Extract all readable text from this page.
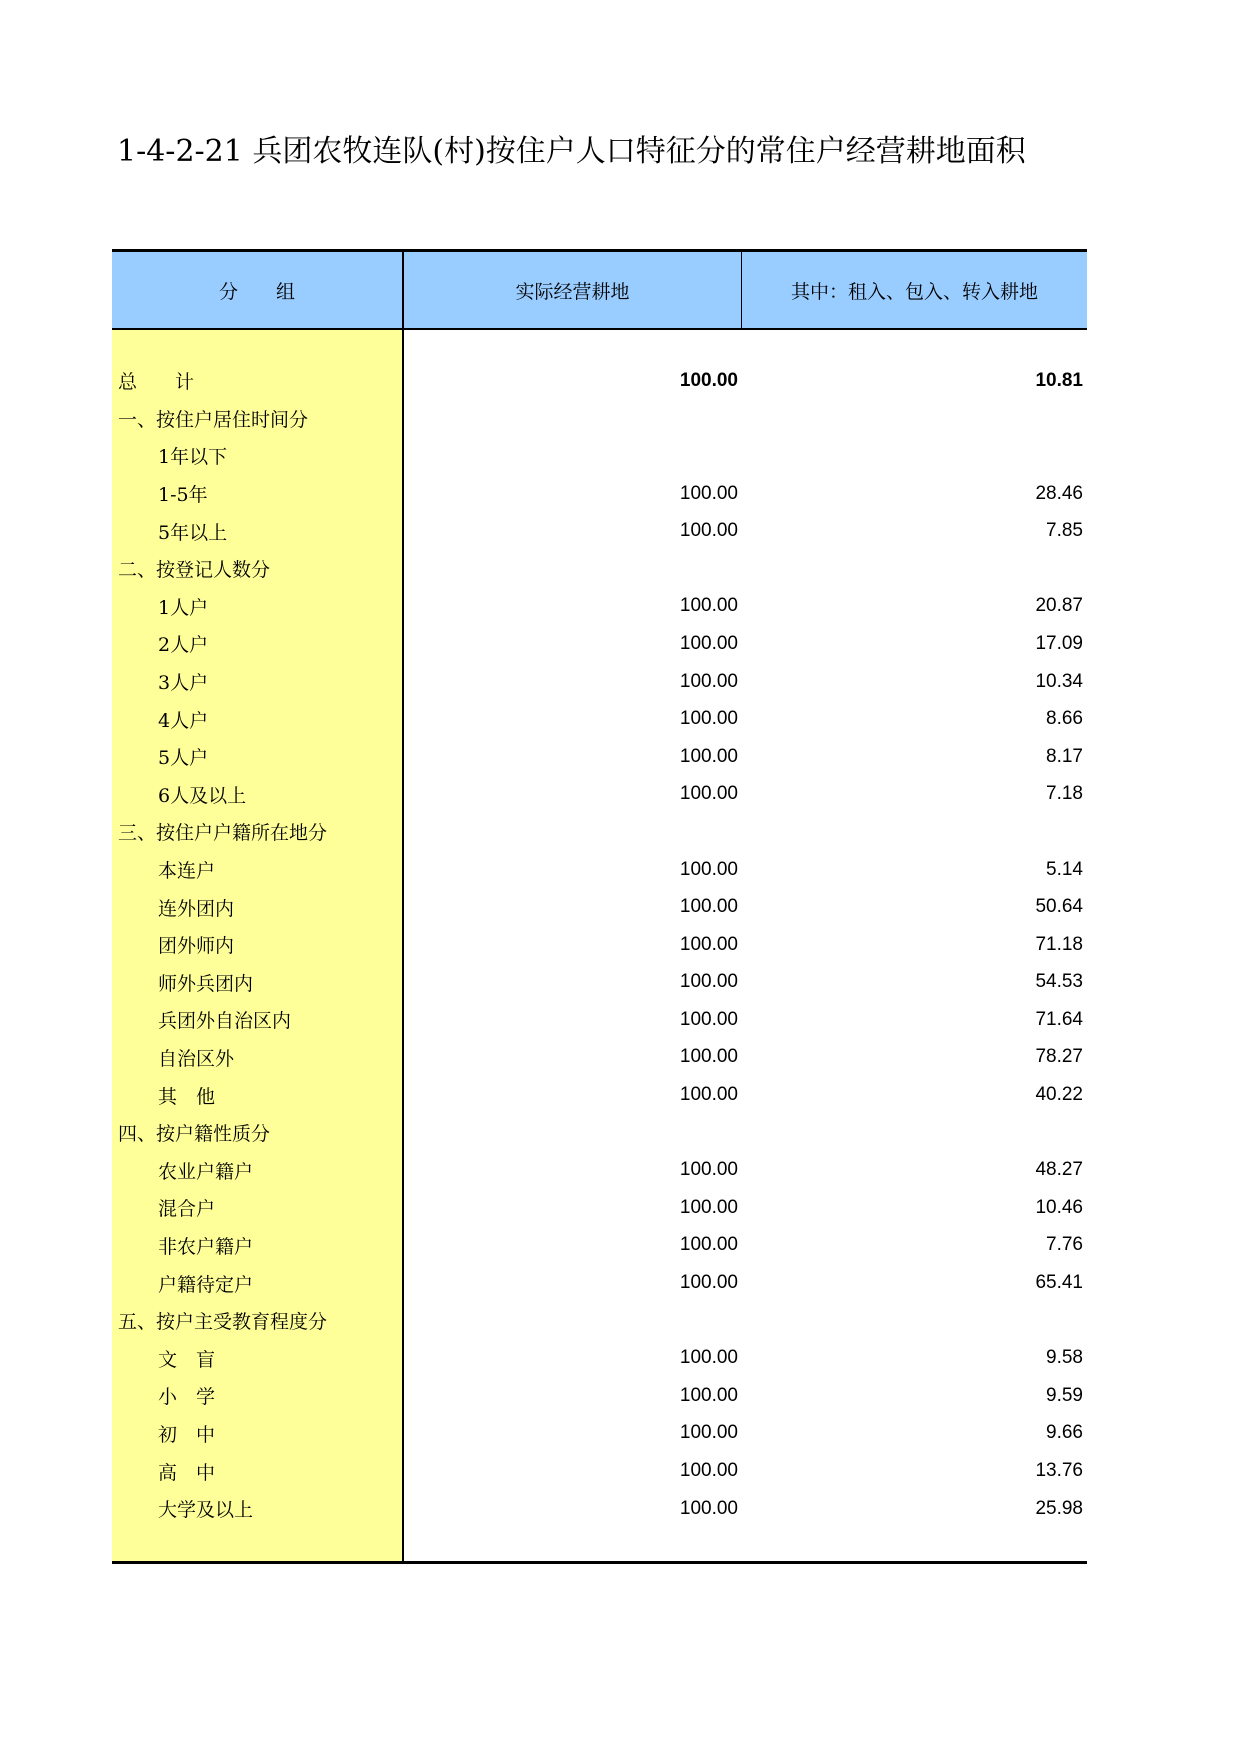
1-4-2-21 兵团农牧连队(村)按住户人口特征分的常住户经营耕地面积
分　　组	实际经营耕地	其中：租入、包入、转入耕地
总　　计	100.00	10.81
一、按住户居住时间分
1年以下
1-5年	100.00	28.46
5年以上	100.00	7.85
二、按登记人数分
1人户	100.00	20.87
2人户	100.00	17.09
3人户	100.00	10.34
4人户	100.00	8.66
5人户	100.00	8.17
6人及以上	100.00	7.18
三、按住户户籍所在地分
本连户	100.00	5.14
连外团内	100.00	50.64
团外师内	100.00	71.18
师外兵团内	100.00	54.53
兵团外自治区内	100.00	71.64
自治区外	100.00	78.27
其　他	100.00	40.22
四、按户籍性质分
农业户籍户	100.00	48.27
混合户	100.00	10.46
非农户籍户	100.00	7.76
户籍待定户	100.00	65.41
五、按户主受教育程度分
文　盲	100.00	9.58
小　学	100.00	9.59
初　中	100.00	9.66
高　中	100.00	13.76
大学及以上	100.00	25.98
